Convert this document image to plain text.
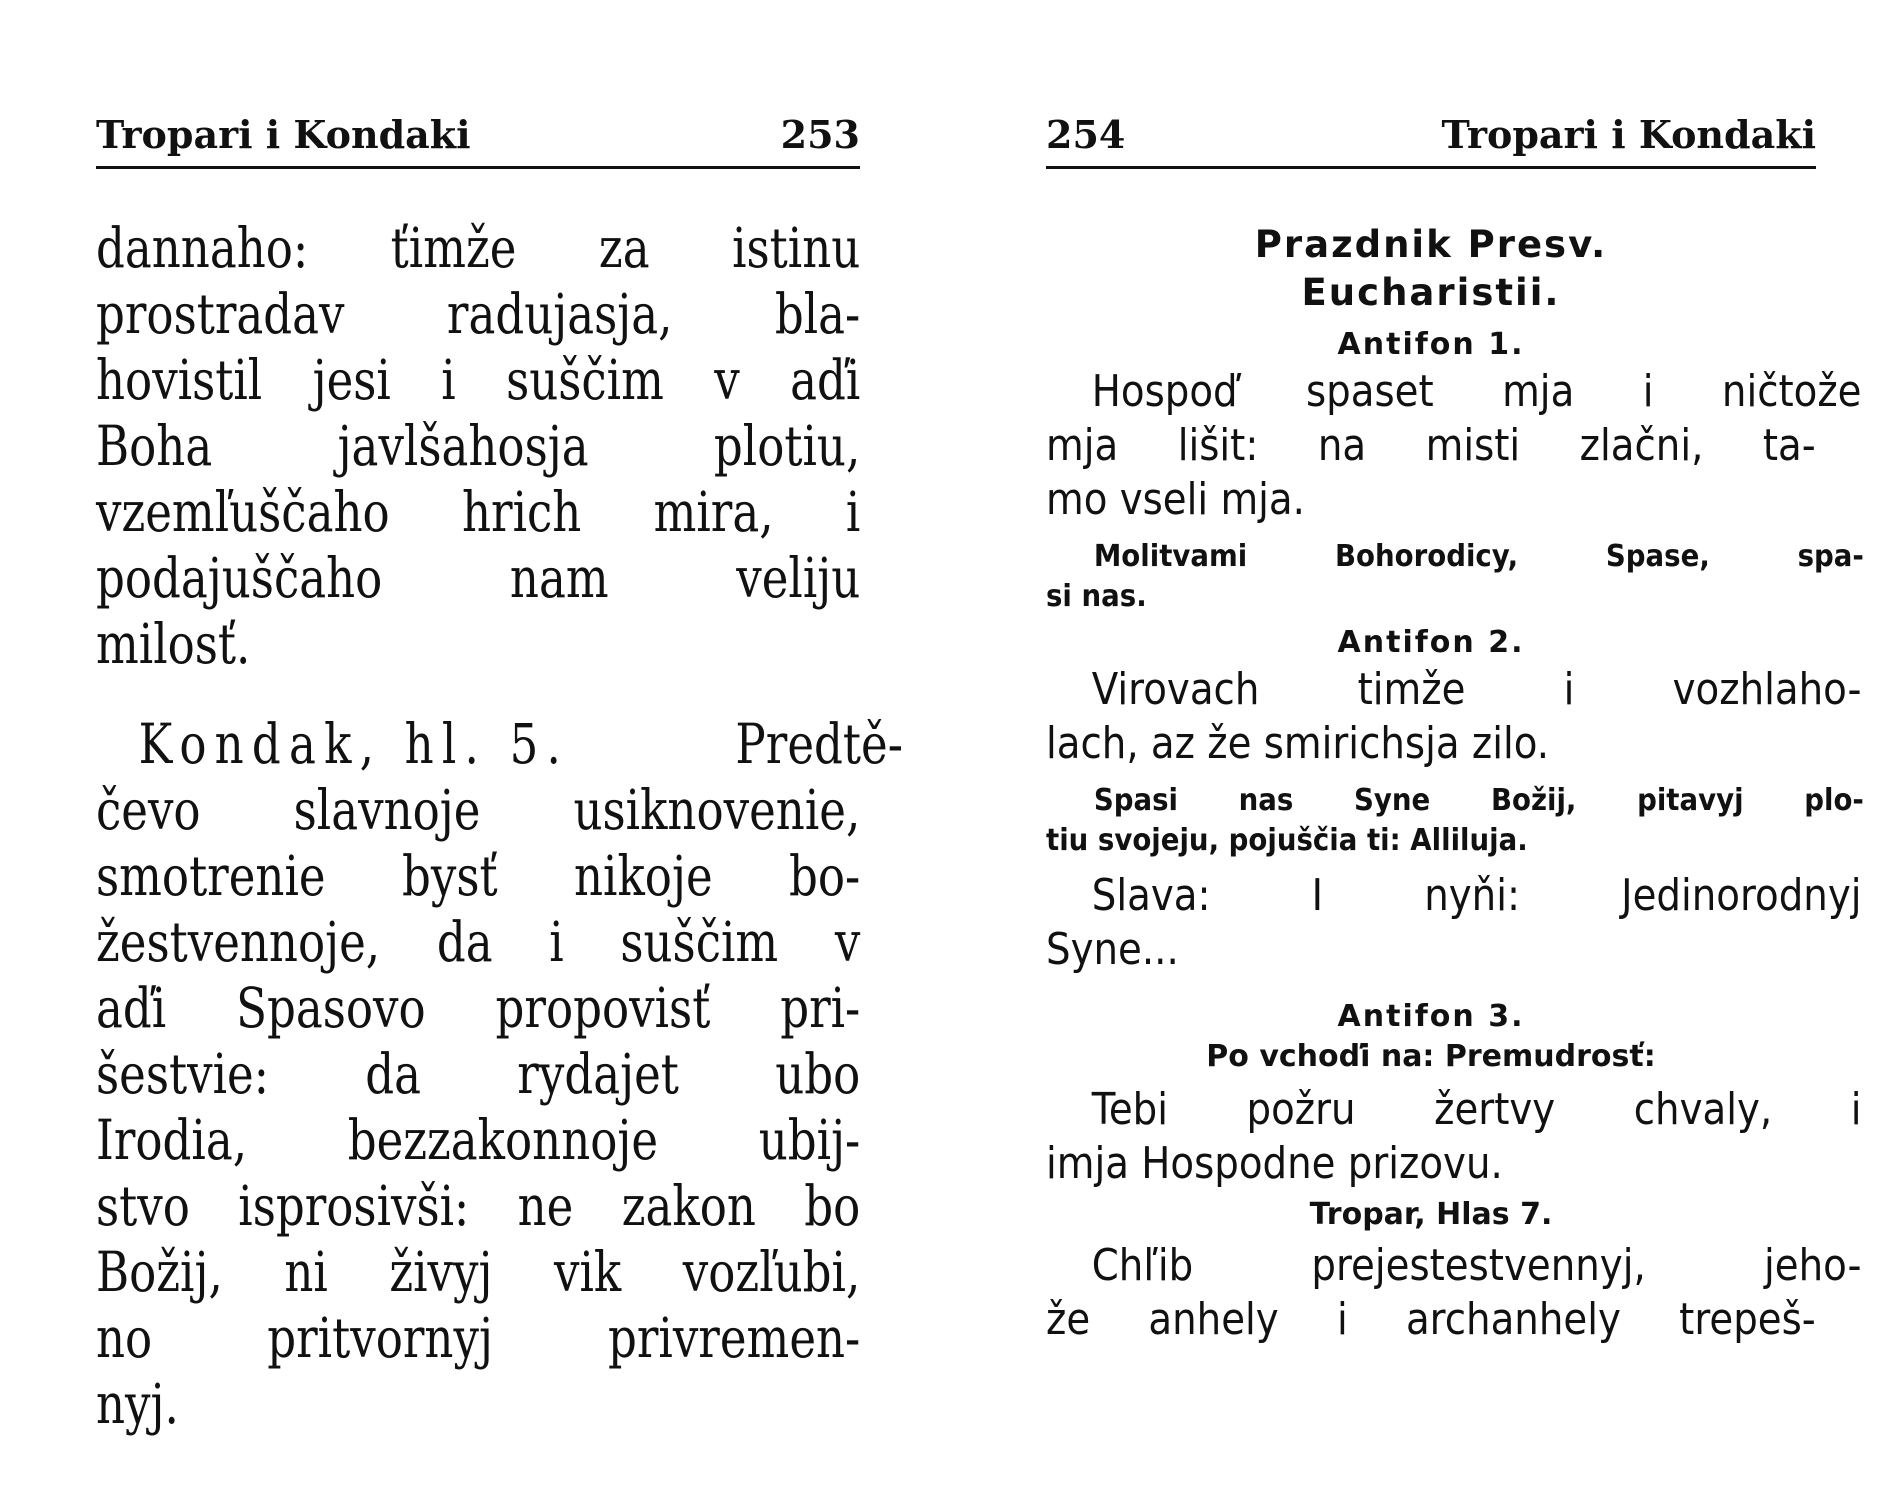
Tropari i Kondaki	253
dannaho: ťimže za istinu
prostradav radujasja, bla-
hovistil jesi i suščim v aďi
Boha javlšahosja plotiu,
vzemľuščaho hrich mira, i
podajuščaho nam veliju
milosť.
Kondak, hl. 5.	Predtě-
čevo slavnoje usiknovenie,
smotrenie bysť nikoje bo-
žestvennoje, da i suščim v
aďi Spasovo propovisť pri-
šestvie: da rydajet ubo
Irodia, bezzakonnoje ubij-
stvo isprosivši: ne zakon bo
Božij, ni živyj vik vozľubi,
no pritvornyj privremen-
nyj.
254	Tropari i Kondaki
Prazdnik Presv.
Eucharistii.
Antifon 1.
Hospoď spaset mja i ničtože
mja lišit: na misti zlačni, ta-
mo vseli mja.
Molitvami Bohorodicy, Spase, spa-
si nas.
Antifon 2.
Virovach timže i vozhlaho-
lach, az že smirichsja zilo.
Spasi nas Syne Božij, pitavyj plo-
tiu svojeju, pojuščia ti: Alliluja.
Slava: I nyňi: Jedinorodnyj
Syne...
Antifon 3.
Po vchoďi na: Premudrosť:
Tebi požru žertvy chvaly, i
imja Hospodne prizovu.
Tropar, Hlas 7.
Chľib prejestestvennyj, jeho-
že anhely i archanhely trepeš-
